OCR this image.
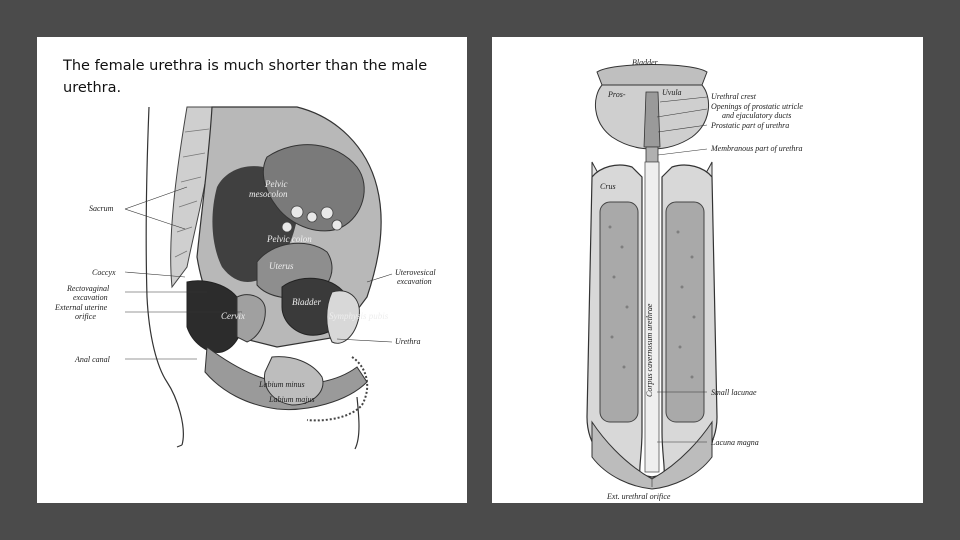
The female urethra is much shorter than the male urethra.
Sacrum
Coccyx
Rectovaginal
excavation
External uterine
orifice
Anal canal
Uterovesical
excavation
Urethra
Pelvic
mesocolon
Pelvic colon
Uterus
Bladder
Cervix	Symphysis pubis
Labium minus
Labium majus
Bladder
Pros-	Uvula	Urethral crest
Openings of prostatic utricle
and ejaculatory ducts
Prostatic part of urethra
Membranous part of urethra
Crus
Corpus cavernosum urethrae	Small lacunae
Lacuna magna
Ext. urethral orifice
